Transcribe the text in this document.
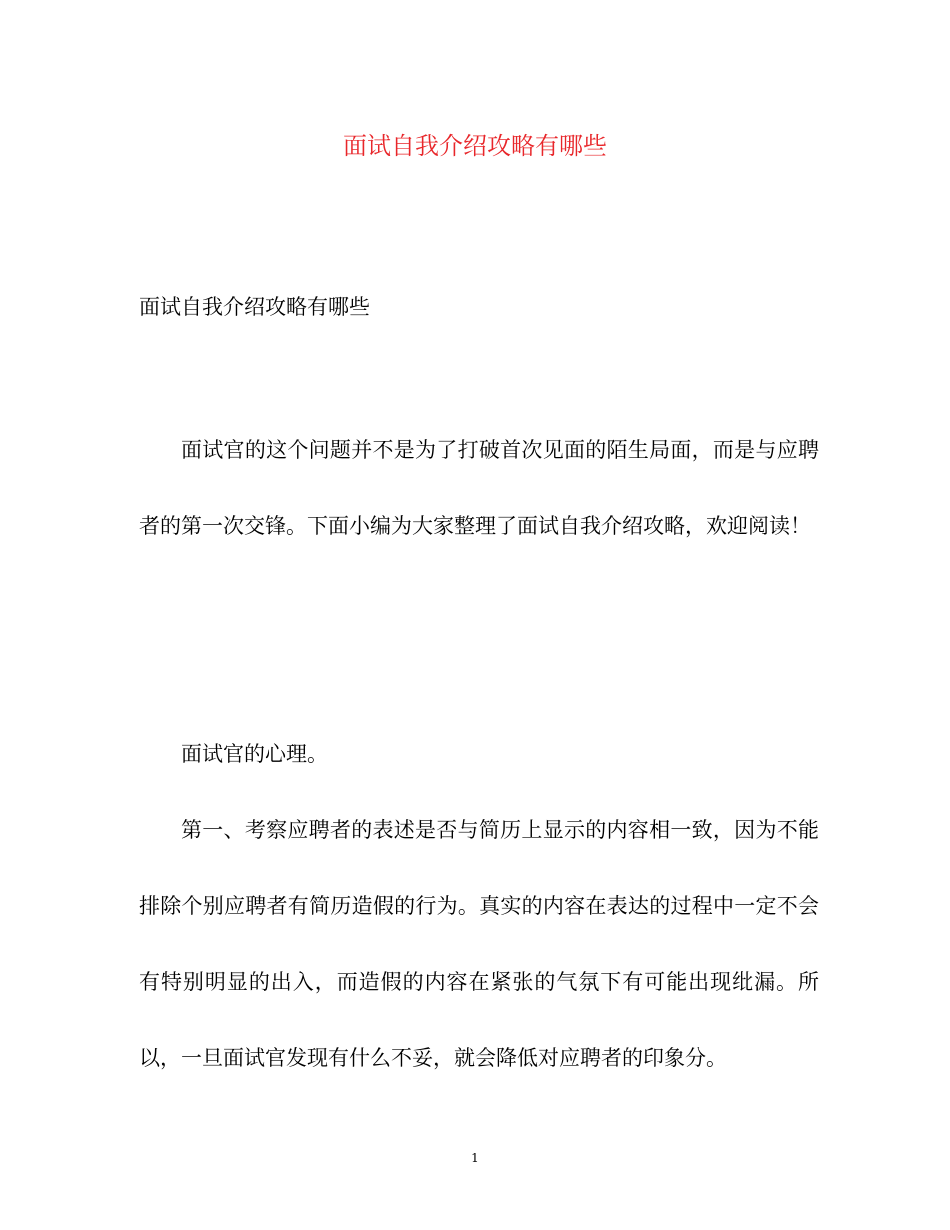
面试自我介绍攻略有哪些

面试自我介绍攻略有哪些

面试官的这个问题并不是为了打破首次见面的陌生局面，而是与应聘者的第一次交锋。下面小编为大家整理了面试自我介绍攻略，欢迎阅读！

面试官的心理。

第一、考察应聘者的表述是否与简历上显示的内容相一致，因为不能排除个别应聘者有简历造假的行为。真实的内容在表达的过程中一定不会有特别明显的出入，而造假的内容在紧张的气氛下有可能出现纰漏。所以，一旦面试官发现有什么不妥，就会降低对应聘者的印象分。

1
